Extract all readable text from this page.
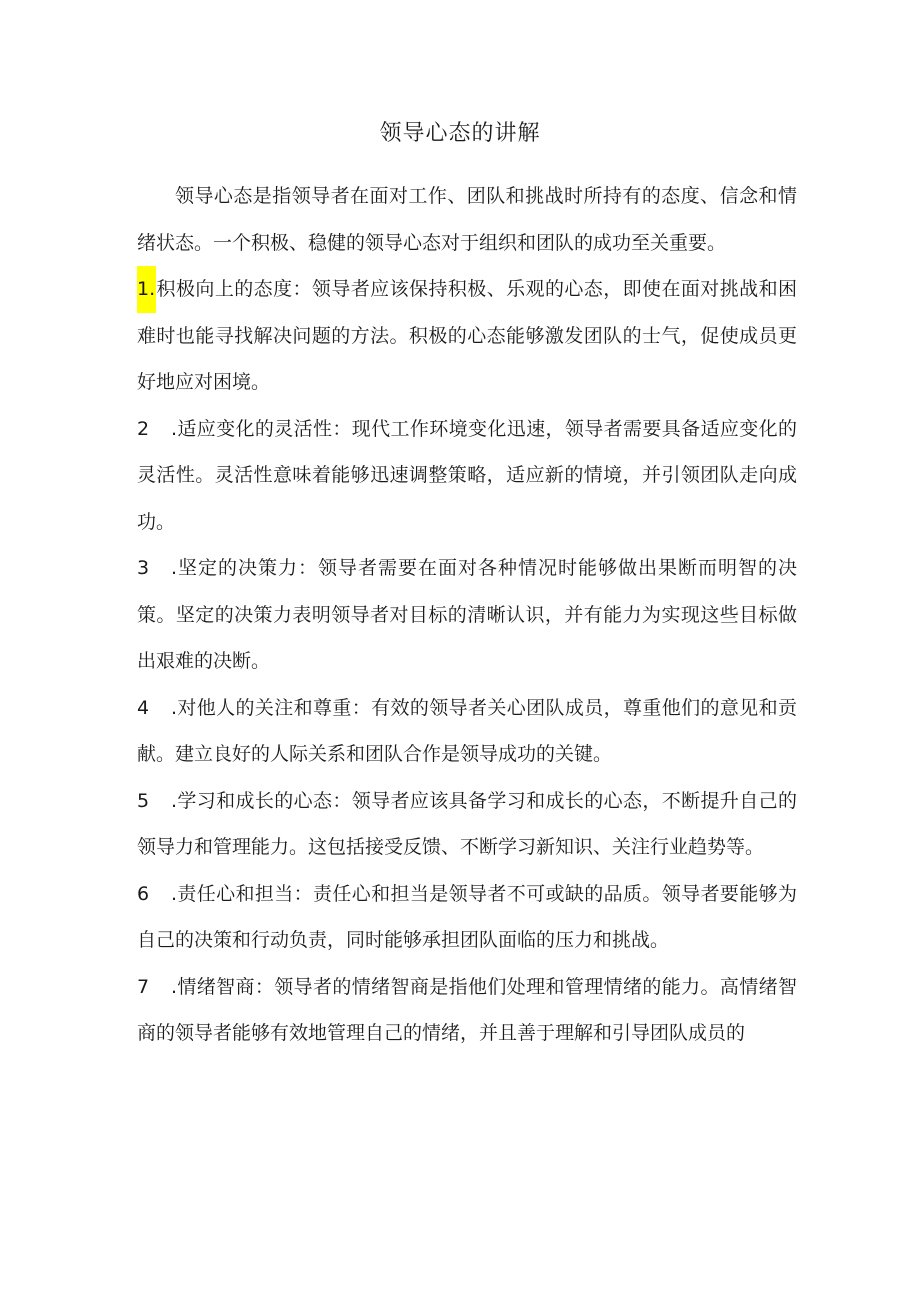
领导心态的讲解

领导心态是指领导者在面对工作、团队和挑战时所持有的态度、信念和情绪状态。一个积极、稳健的领导心态对于组织和团队的成功至关重要。

1.积极向上的态度：领导者应该保持积极、乐观的心态，即使在面对挑战和困难时也能寻找解决问题的方法。积极的心态能够激发团队的士气，促使成员更好地应对困境。

2 .适应变化的灵活性：现代工作环境变化迅速，领导者需要具备适应变化的灵活性。灵活性意味着能够迅速调整策略，适应新的情境，并引领团队走向成功。

3 .坚定的决策力：领导者需要在面对各种情况时能够做出果断而明智的决策。坚定的决策力表明领导者对目标的清晰认识，并有能力为实现这些目标做出艰难的决断。

4 .对他人的关注和尊重：有效的领导者关心团队成员，尊重他们的意见和贡献。建立良好的人际关系和团队合作是领导成功的关键。

5 .学习和成长的心态：领导者应该具备学习和成长的心态，不断提升自己的领导力和管理能力。这包括接受反馈、不断学习新知识、关注行业趋势等。

6 .责任心和担当：责任心和担当是领导者不可或缺的品质。领导者要能够为自己的决策和行动负责，同时能够承担团队面临的压力和挑战。

7 .情绪智商：领导者的情绪智商是指他们处理和管理情绪的能力。高情绪智商的领导者能够有效地管理自己的情绪，并且善于理解和引导团队成员的
